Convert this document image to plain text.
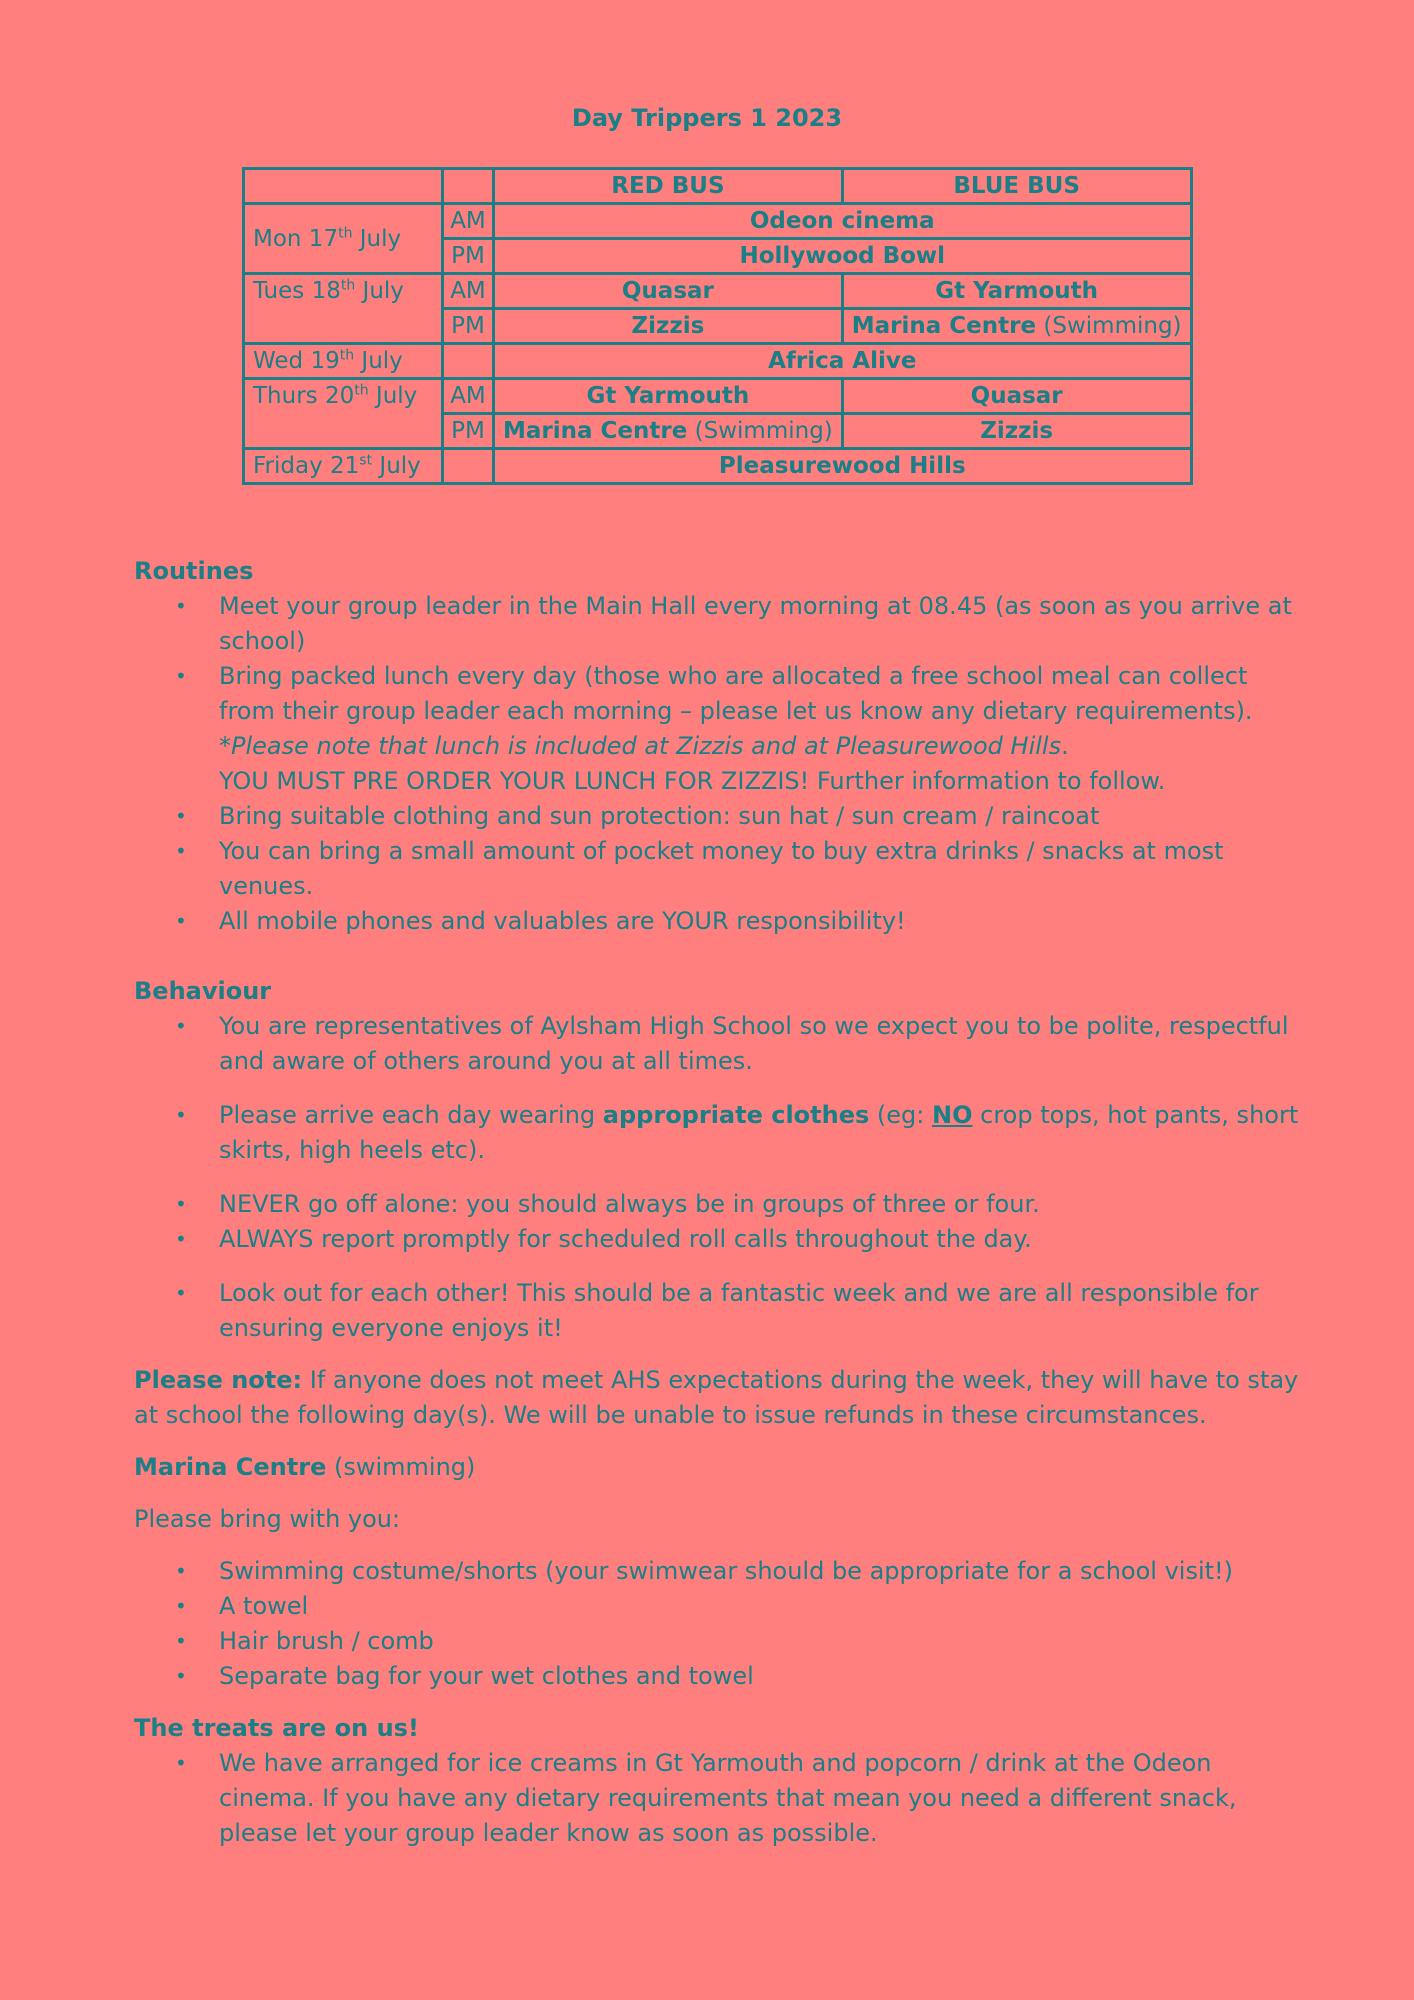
Day Trippers 1 2023
		RED BUS	BLUE BUS
Mon 17th July	AM	Odeon cinema	
	PM	Hollywood Bowl	
Tues 18th July	AM	Quasar	Gt Yarmouth
	PM	Zizzis	Marina Centre (Swimming)
Wed 19th July		Africa Alive	
Thurs 20th July	AM	Gt Yarmouth	Quasar
	PM	Marina Centre (Swimming)	Zizzis
Friday 21st July		Pleasurewood Hills	

Routines

• Meet your group leader in the Main Hall every morning at 08.45 (as soon as you arrive at school)
• Bring packed lunch every day (those who are allocated a free school meal can collect from their group leader each morning – please let us know any dietary requirements).
*Please note that lunch is included at Zizzis and at Pleasurewood Hills.
YOU MUST PRE ORDER YOUR LUNCH FOR ZIZZIS! Further information to follow.
• Bring suitable clothing and sun protection: sun hat / sun cream / raincoat
• You can bring a small amount of pocket money to buy extra drinks / snacks at most venues.
• All mobile phones and valuables are YOUR responsibility!

Behaviour

• You are representatives of Aylsham High School so we expect you to be polite, respectful and aware of others around you at all times.
• Please arrive each day wearing appropriate clothes (eg: NO crop tops, hot pants, short skirts, high heels etc).
• NEVER go off alone: you should always be in groups of three or four.
• ALWAYS report promptly for scheduled roll calls throughout the day.
• Look out for each other! This should be a fantastic week and we are all responsible for ensuring everyone enjoys it!

Please note: If anyone does not meet AHS expectations during the week, they will have to stay at school the following day(s). We will be unable to issue refunds in these circumstances.

Marina Centre (swimming)

Please bring with you:

• Swimming costume/shorts (your swimwear should be appropriate for a school visit!)
• A towel
• Hair brush / comb
• Separate bag for your wet clothes and towel

The treats are on us!

• We have arranged for ice creams in Gt Yarmouth and popcorn / drink at the Odeon cinema. If you have any dietary requirements that mean you need a different snack, please let your group leader know as soon as possible.
